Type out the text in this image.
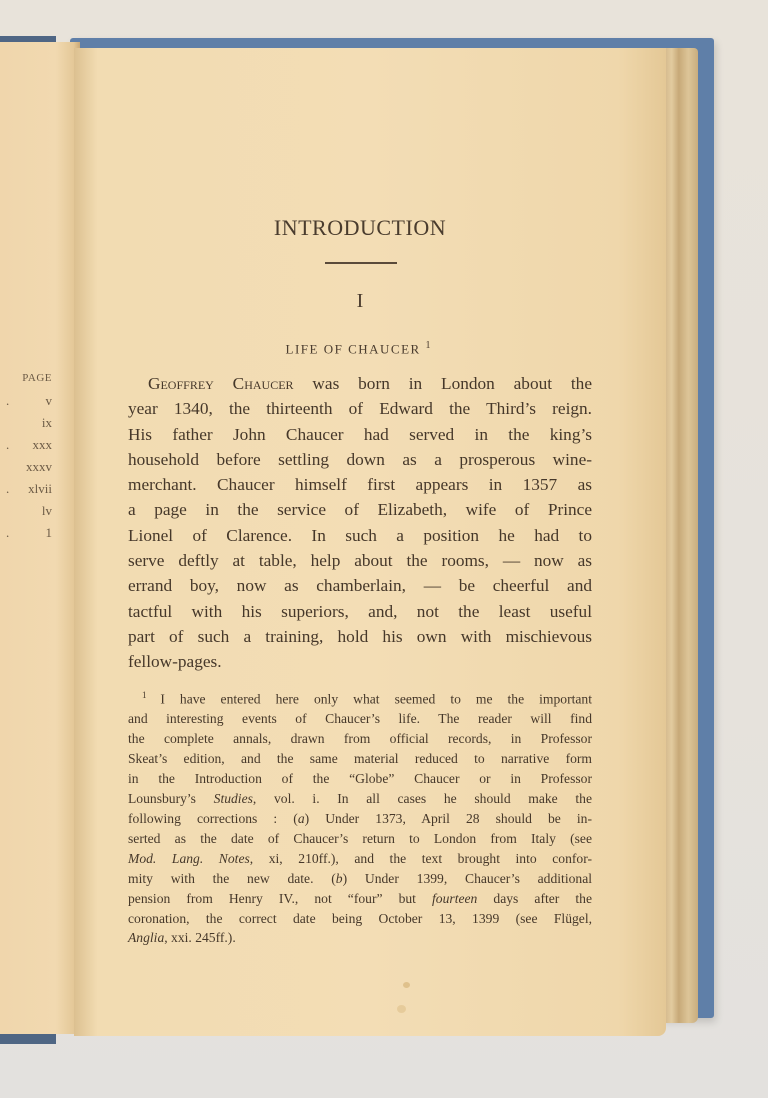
PAGE
.	v
ix
. xxx
xxxv
. xlvii
lv
.	1
INTRODUCTION
I
LIFE OF CHAUCER $^1$
Geoffrey Chaucer was born in London about the
year 1340, the thirteenth of Edward the Third’s reign.
His father John Chaucer had served in the king’s
household before settling down as a prosperous wine-
merchant. Chaucer himself first appears in 1357 as
a page in the service of Elizabeth, wife of Prince
Lionel of Clarence. In such a position he had to
serve deftly at table, help about the rooms, — now as
errand boy, now as chamberlain, — be cheerful and
tactful with his superiors, and, not the least useful
part of such a training, hold his own with mischievous
fellow-pages.
$^1$ I have entered here only what seemed to me the important
and interesting events of Chaucer’s life. The reader will find
the complete annals, drawn from official records, in Professor
Skeat’s edition, and the same material reduced to narrative form
in the Introduction of the “Globe” Chaucer or in Professor
Lounsbury’s Studies, vol. i. In all cases he should make the
following corrections : (a) Under 1373, April 28 should be in-
serted as the date of Chaucer’s return to London from Italy (see
Mod. Lang. Notes, xi, 210ff.), and the text brought into confor-
mity with the new date. (b) Under 1399, Chaucer’s additional
pension from Henry IV., not “four” but fourteen days after the
coronation, the correct date being October 13, 1399 (see Flügel,
Anglia, xxi. 245ff.).
